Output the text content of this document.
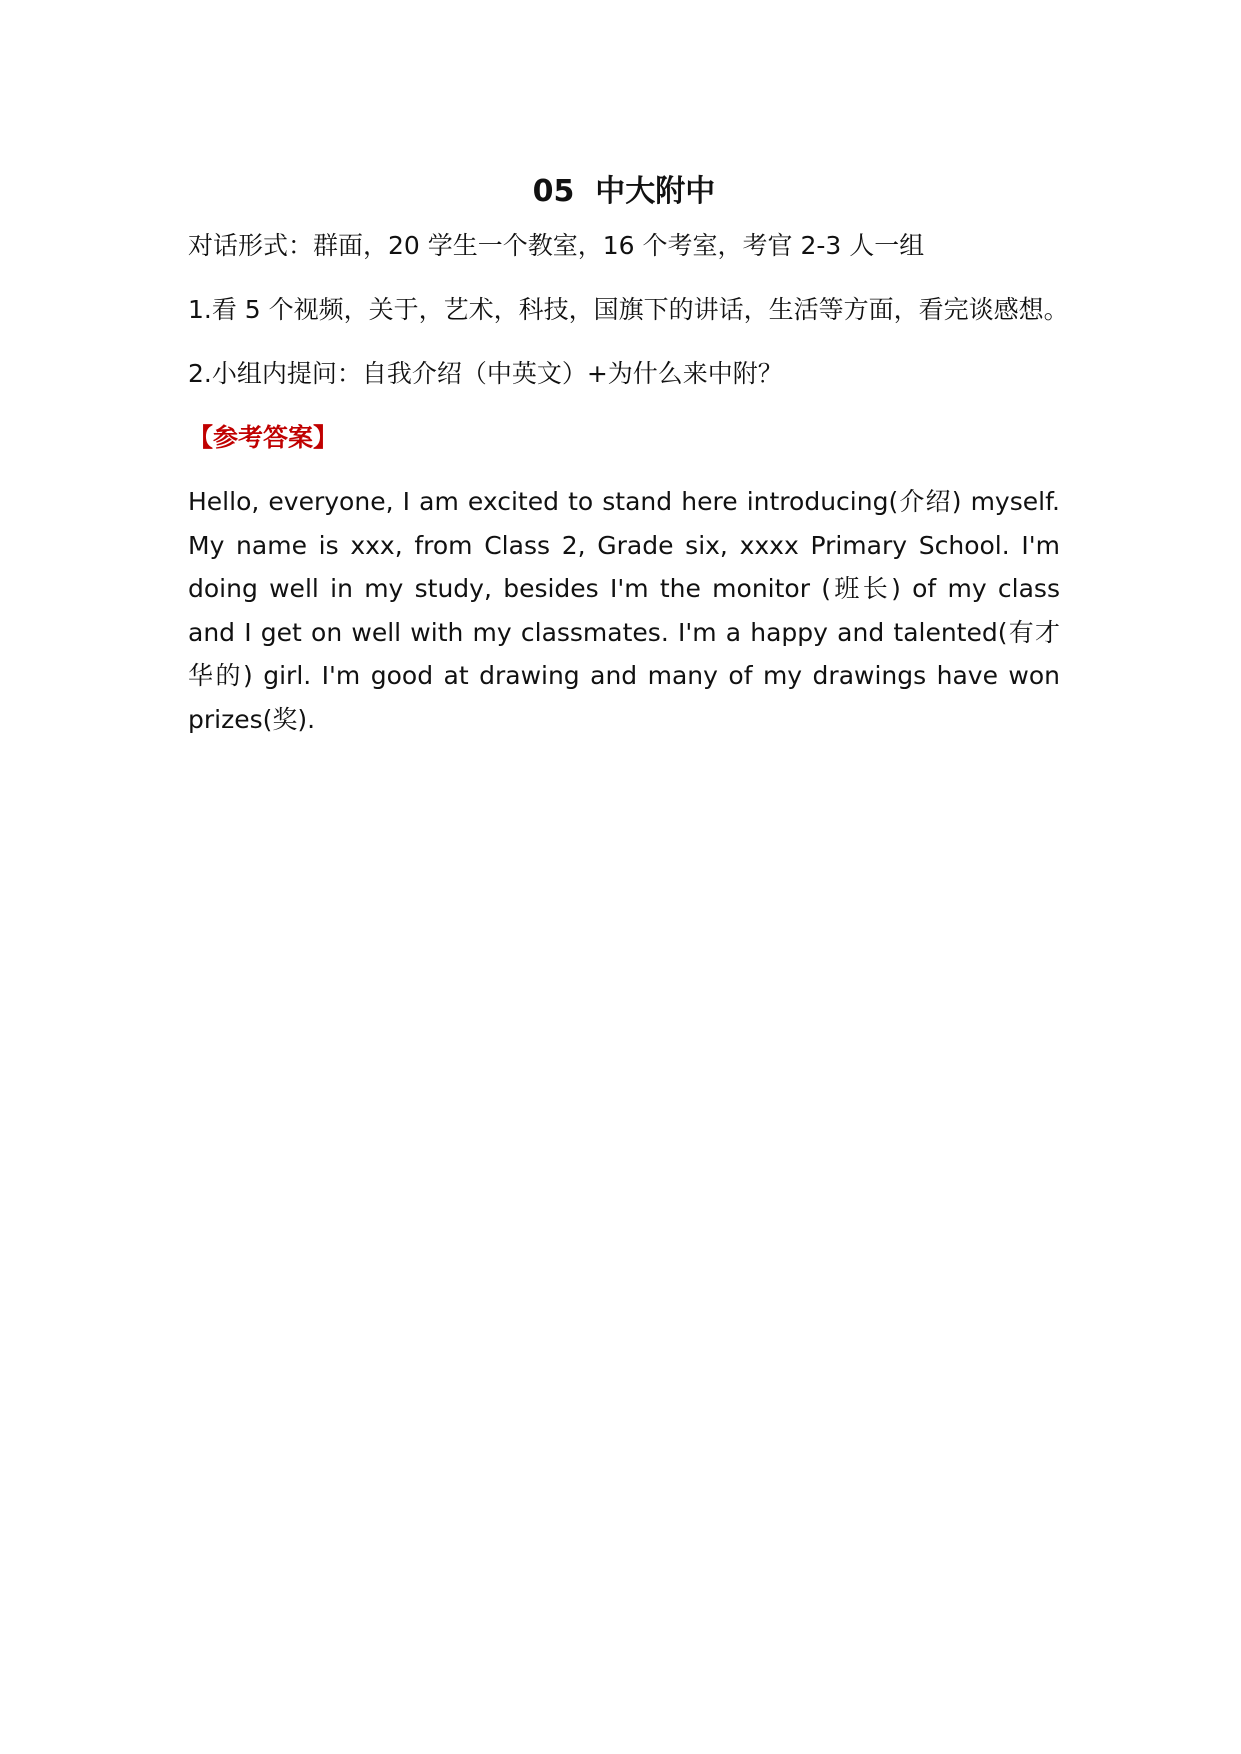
05  中大附中

对话形式：群面，20 学生一个教室，16 个考室，考官 2-3 人一组

1.看 5 个视频，关于，艺术，科技，国旗下的讲话，生活等方面，看完谈感想。

2.小组内提问：自我介绍（中英文）+为什么来中附？

【参考答案】

Hello, everyone, I am excited to stand here introducing(介绍) myself. My name is xxx, from Class 2, Grade six, xxxx Primary School. I'm doing well in my study, besides I'm the monitor (班长) of my class and I get on well with my classmates. I'm a happy and talented(有才华的) girl. I'm good at drawing and many of my drawings have won prizes(奖).
